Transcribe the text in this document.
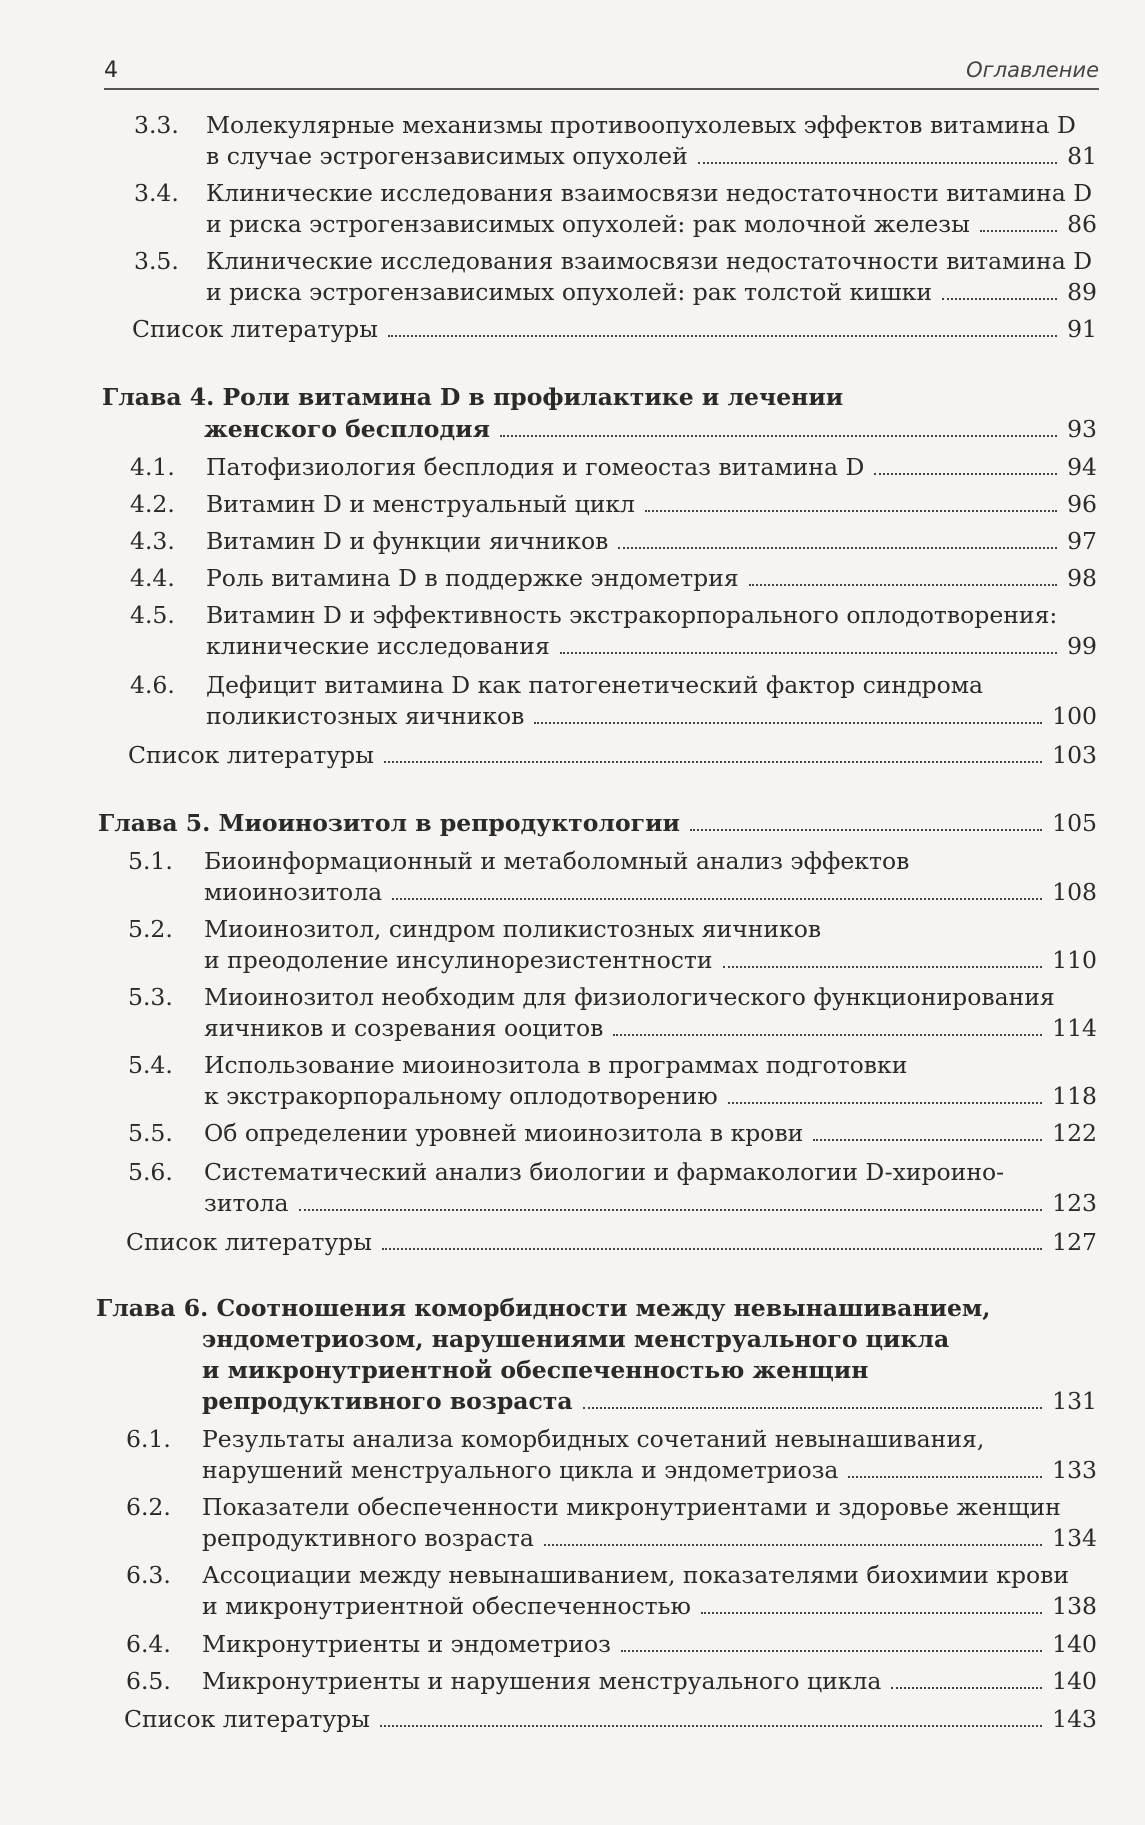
4	Оглавление
3.3. Молекулярные механизмы противоопухолевых эффектов витамина D
в случае эстрогензависимых опухолей	81
3.4. Клинические исследования взаимосвязи недостаточности витамина D
и риска эстрогензависимых опухолей: рак молочной железы	86
3.5. Клинические исследования взаимосвязи недостаточности витамина D
и риска эстрогензависимых опухолей: рак толстой кишки	89
Список литературы	91
Глава 4. Роли витамина D в профилактике и лечении
женского бесплодия	93
4.1.	Патофизиология бесплодия и гомеостаз витамина D	94
4.2.	Витамин D и менструальный цикл	96
4.3.	Витамин D и функции яичников	97
4.4.	Роль витамина D в поддержке эндометрия	98
4.5. Витамин D и эффективность экстракорпорального оплодотворения:
клинические исследования	99
4.6. Дефицит витамина D как патогенетический фактор синдрома
поликистозных яичников	100
Список литературы	103
Глава 5. Миоинозитол в репродуктологии	105
5.1. Биоинформационный и метаболомный анализ эффектов
миоинозитола	108
5.2. Миоинозитол, синдром поликистозных яичников
и преодоление инсулинорезистентности	110
5.3. Миоинозитол необходим для физиологического функционирования
яичников и созревания ооцитов	114
5.4. Использование миоинозитола в программах подготовки
к экстракорпоральному оплодотворению	118
5.5.	Об определении уровней миоинозитола в крови	122
5.6. Систематический анализ биологии и фармакологии D-хироино-
зитола	123
Список литературы	127
Глава 6. Соотношения коморбидности между невынашиванием,
эндометриозом, нарушениями менструального цикла
и микронутриентной обеспеченностью женщин
репродуктивного возраста	131
6.1. Результаты анализа коморбидных сочетаний невынашивания,
нарушений менструального цикла и эндометриоза	133
6.2. Показатели обеспеченности микронутриентами и здоровье женщин
репродуктивного возраста	134
6.3. Ассоциации между невынашиванием, показателями биохимии крови
и микронутриентной обеспеченностью	138
6.4.	Микронутриенты и эндометриоз	140
6.5.	Микронутриенты и нарушения менструального цикла	140
Список литературы	143
